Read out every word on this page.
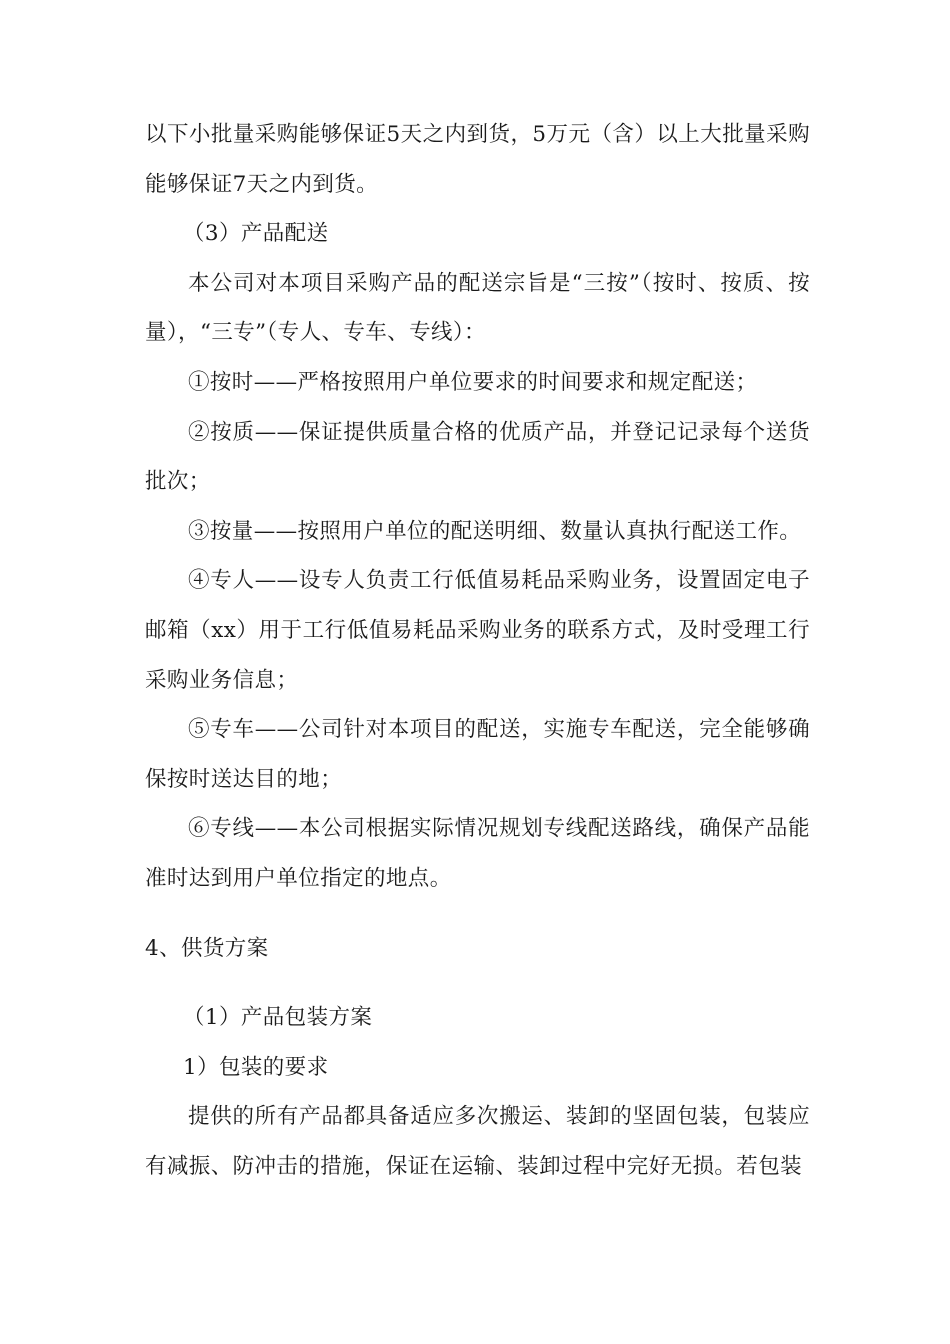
以下小批量采购能够保证5天之内到货，5万元（含）以上大批量采购能够保证7天之内到货。

（3）产品配送

本公司对本项目采购产品的配送宗旨是“三按”（按时、按质、按量），“三专”（专人、专车、专线）：

①按时——严格按照用户单位要求的时间要求和规定配送；

②按质——保证提供质量合格的优质产品，并登记记录每个送货批次；

③按量——按照用户单位的配送明细、数量认真执行配送工作。

④专人——设专人负责工行低值易耗品采购业务，设置固定电子邮箱（xx）用于工行低值易耗品采购业务的联系方式，及时受理工行采购业务信息；

⑤专车——公司针对本项目的配送，实施专车配送，完全能够确保按时送达目的地；

⑥专线——本公司根据实际情况规划专线配送路线，确保产品能准时达到用户单位指定的地点。

4、供货方案

（1）产品包装方案

1）包装的要求

提供的所有产品都具备适应多次搬运、装卸的坚固包装，包装应有减振、防冲击的措施，保证在运输、装卸过程中完好无损。若包装
